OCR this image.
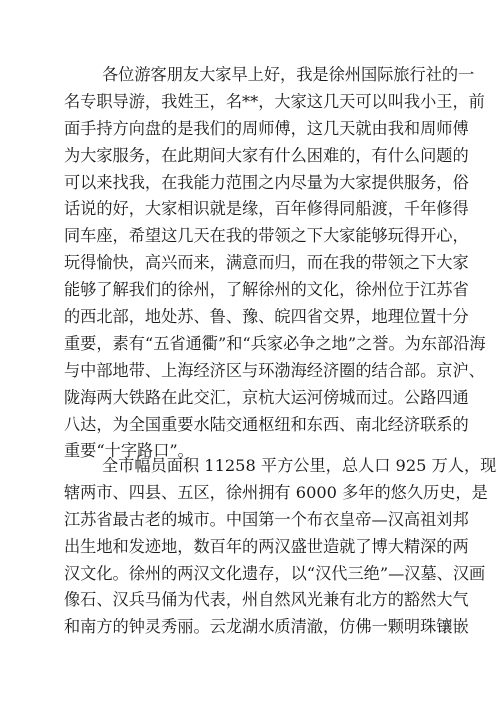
各位游客朋友大家早上好，我是徐州国际旅行社的一
名专职导游，我姓王，名**，大家这几天可以叫我小王，前
面手持方向盘的是我们的周师傅，这几天就由我和周师傅
为大家服务，在此期间大家有什么困难的，有什么问题的
可以来找我，在我能力范围之内尽量为大家提供服务，俗
话说的好，大家相识就是缘，百年修得同船渡，千年修得
同车座，希望这几天在我的带领之下大家能够玩得开心，
玩得愉快，高兴而来，满意而归，而在我的带领之下大家
能够了解我们的徐州，了解徐州的文化，徐州位于江苏省
的西北部，地处苏、鲁、豫、皖四省交界，地理位置十分
重要，素有“五省通衢”和“兵家必争之地”之誉。为东部沿海
与中部地带、上海经济区与环渤海经济圈的结合部。京沪、
陇海两大铁路在此交汇，京杭大运河傍城而过。公路四通
八达，为全国重要水陆交通枢纽和东西、南北经济联系的
重要“十字路口”。
全市幅员面积 11258 平方公里，总人口 925 万人，现
辖两市、四县、五区，徐州拥有 6000 多年的悠久历史，是
江苏省最古老的城市。中国第一个布衣皇帝—汉高祖刘邦
出生地和发迹地，数百年的两汉盛世造就了博大精深的两
汉文化。徐州的两汉文化遗存，以“汉代三绝”—汉墓、汉画
像石、汉兵马俑为代表，州自然风光兼有北方的豁然大气
和南方的钟灵秀丽。云龙湖水质清澈，仿佛一颗明珠镶嵌
